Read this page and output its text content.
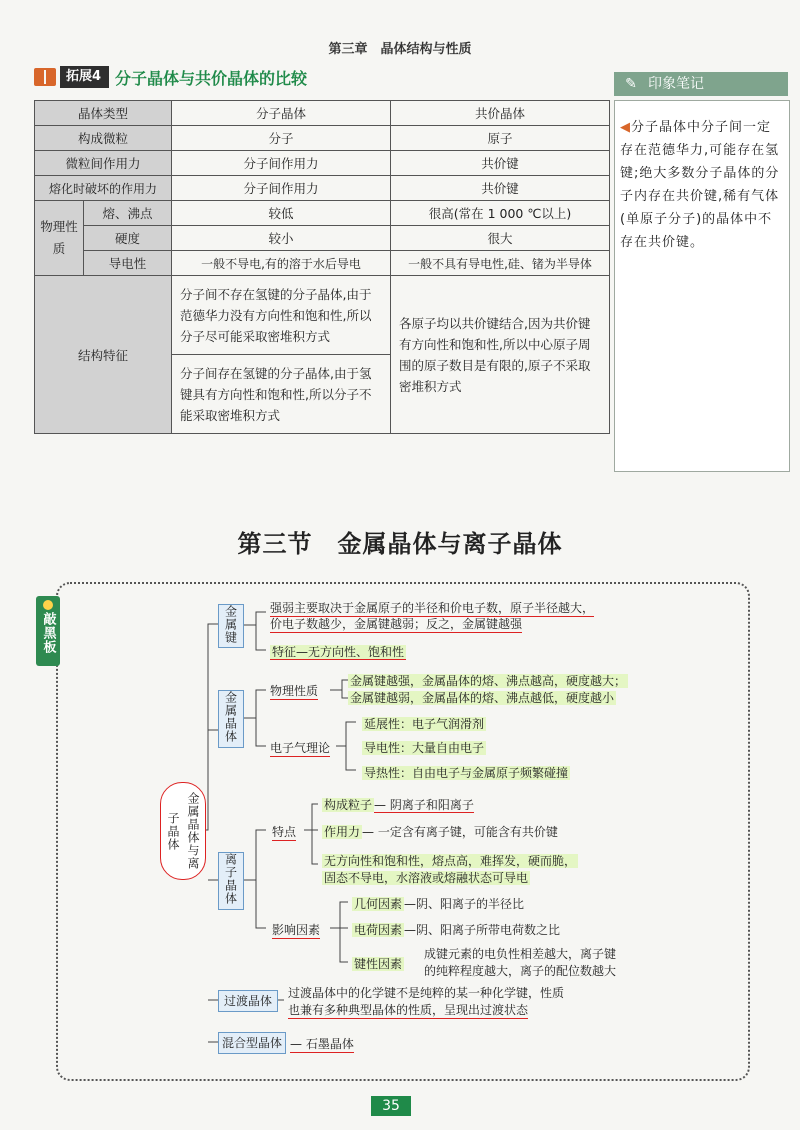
第三章　晶体结构与性质
拓展4 分子晶体与共价晶体的比较
晶体类型		分子晶体	共价晶体
构成微粒		分子	原子
微粒间作用力		分子间作用力	共价键
熔化时破坏的作用力		分子间作用力	共价键
物理性质	熔、沸点	较低	很高(常在 1 000 ℃以上)
	硬度	较小	很大
	导电性	一般不导电,有的溶于水后导电	一般不具有导电性,硅、锗为半导体
结构特征		分子间不存在氢键的分子晶体,由于范德华力没有方向性和饱和性,所以分子尽可能采取密堆积方式	各原子均以共价键结合,因为共价键有方向性和饱和性,所以中心原子周围的原子数目是有限的,原子不采取密堆积方式
		分子间存在氢键的分子晶体,由于氢键具有方向性和饱和性,所以分子不能采取密堆积方式	
✎ 印象笔记
◀分子晶体中分子间一定存在范德华力,可能存在氢键;绝大多数分子晶体的分子内存在共价键,稀有气体(单原子分子)的晶体中不存在共价键。
第三节　金属晶体与离子晶体
敲黑板
金属晶体与离子晶体
金属键	强弱主要取决于金属原子的半径和价电子数，原子半径越大，
价电子数越少，金属键越弱；反之，金属键越强
特征—无方向性、饱和性
金属晶体	物理性质
金属键越强，金属晶体的熔、沸点越高，硬度越大；
金属键越弱，金属晶体的熔、沸点越低，硬度越小
电子气理论
延展性：电子气润滑剂
导电性：大量自由电子
导热性：自由电子与金属原子频繁碰撞
离子晶体
特点
构成粒子 — 阴离子和阳离子
作用力 — 一定含有离子键，可能含有共价键
无方向性和饱和性，熔点高，难挥发，硬而脆，
固态不导电，水溶液或熔融状态可导电
影响因素
几何因素 —阴、阳离子的半径比
电荷因素 —阴、阳离子所带电荷数之比
键性因素
成键元素的电负性相差越大，离子键
的纯粹程度越大，离子的配位数越大
过渡晶体
过渡晶体中的化学键不是纯粹的某一种化学键，性质
也兼有多种典型晶体的性质，呈现出过渡状态
混合型晶体 — 石墨晶体
35
